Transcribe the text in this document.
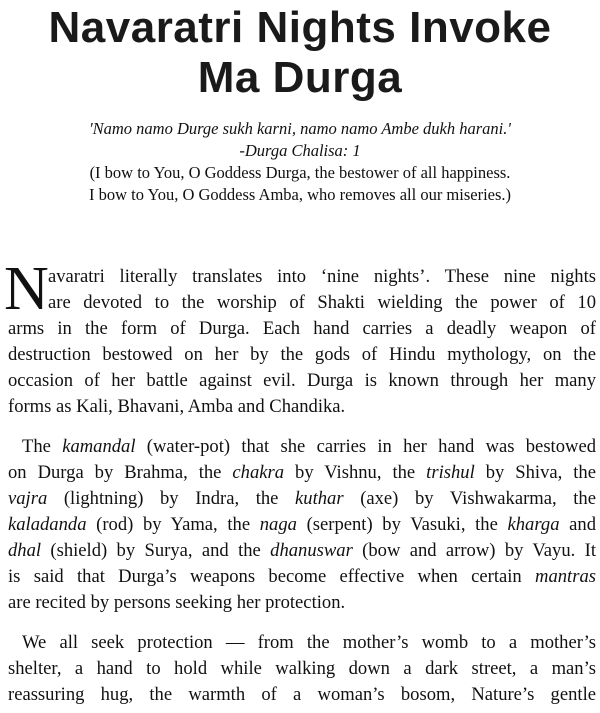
Navaratri Nights Invoke
Ma Durga
'Namo namo Durge sukh karni, namo namo Ambe dukh harani.'
-Durga Chalisa: 1
(I bow to You, O Goddess Durga, the bestower of all happiness.
I bow to You, O Goddess Amba, who removes all our miseries.)
N avaratri literally translates into ‘nine nights’. These nine nights
are devoted to the worship of Shakti wielding the power of 10
arms in the form of Durga. Each hand carries a deadly weapon of
destruction bestowed on her by the gods of Hindu mythology, on the
occasion of her battle against evil. Durga is known through her many
forms as Kali, Bhavani, Amba and Chandika.
The kamandal (water-pot) that she carries in her hand was bestowed
on Durga by Brahma, the chakra by Vishnu, the trishul by Shiva, the
vajra (lightning) by Indra, the kuthar (axe) by Vishwakarma, the
kaladanda (rod) by Yama, the naga (serpent) by Vasuki, the kharga and
dhal (shield) by Surya, and the dhanuswar (bow and arrow) by Vayu. It
is said that Durga’s weapons become effective when certain mantras
are recited by persons seeking her protection.
We all seek protection — from the mother’s womb to a mother’s
shelter, a hand to hold while walking down a dark street, a man’s
reassuring hug, the warmth of a woman’s bosom, Nature’s gentle
